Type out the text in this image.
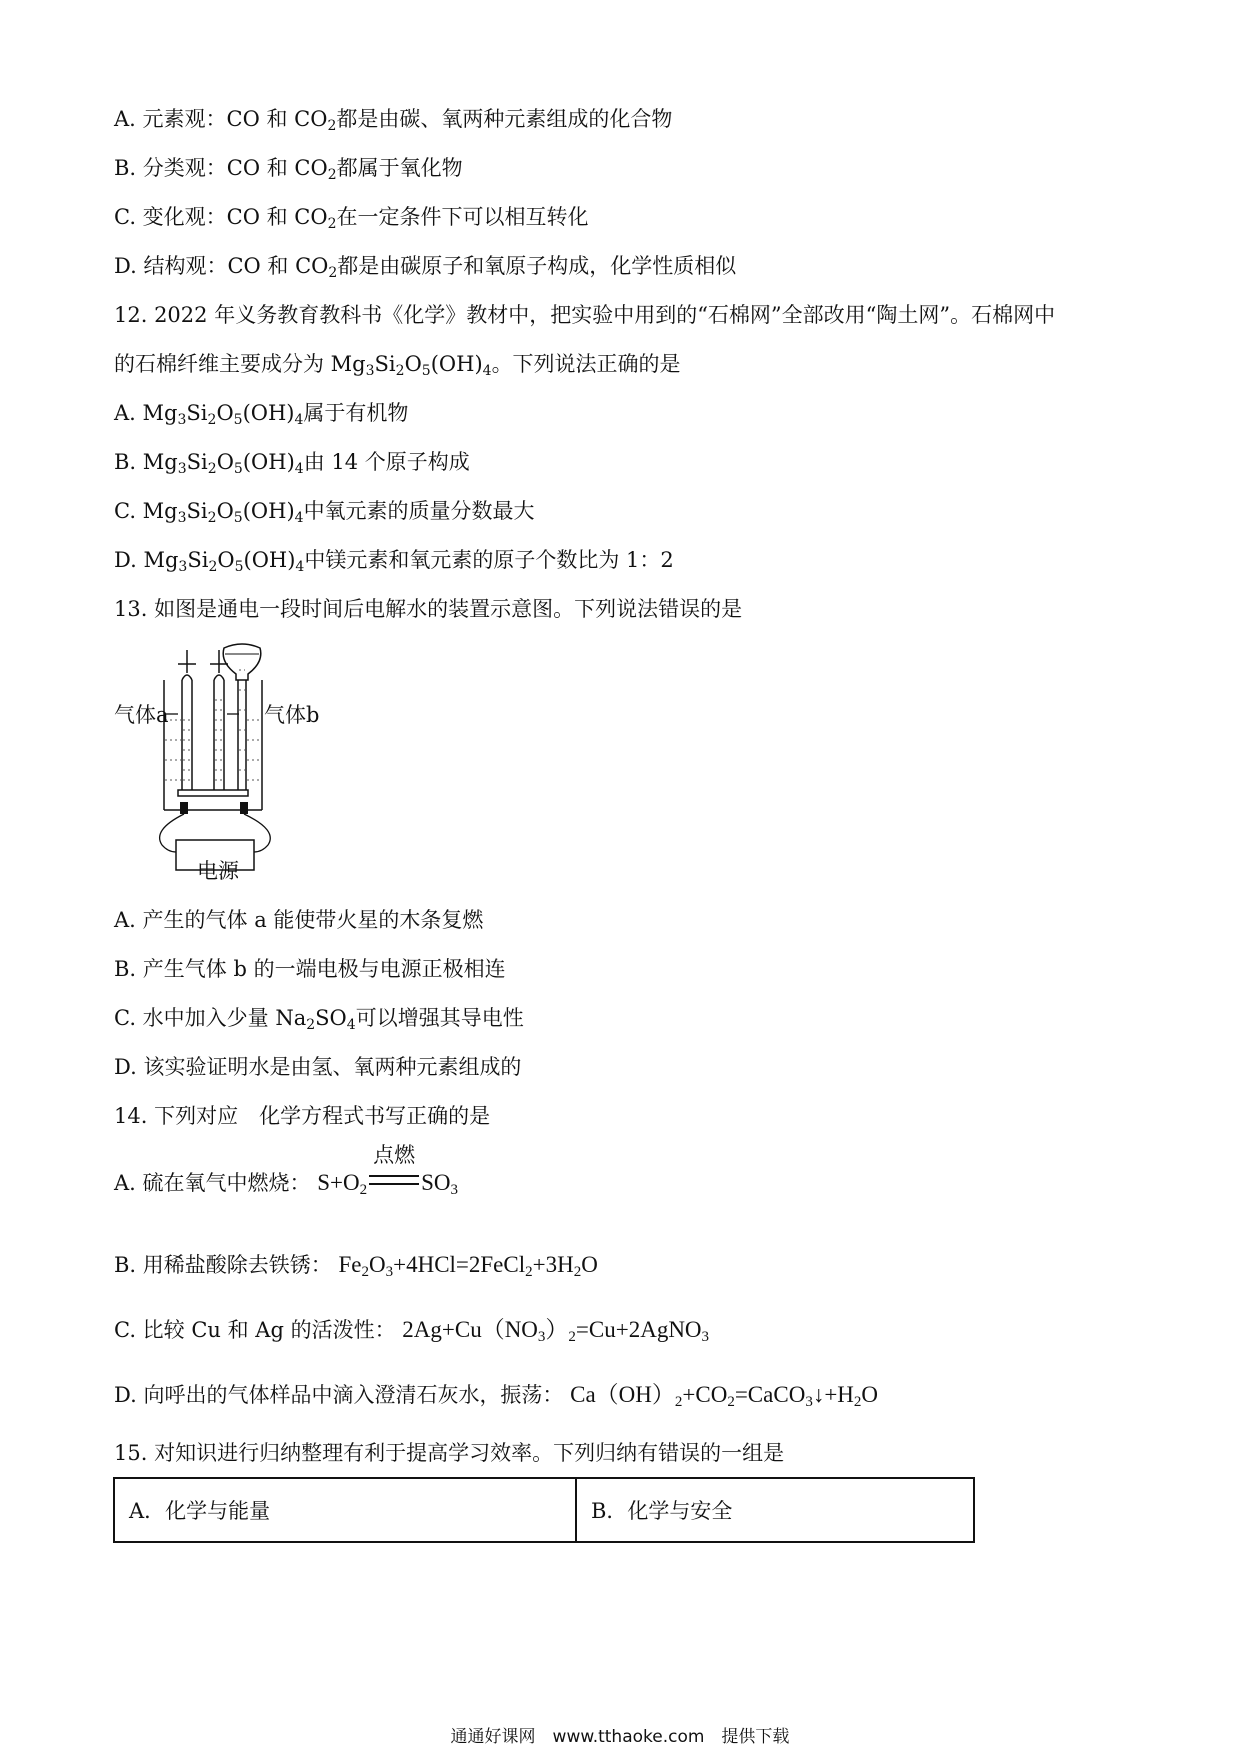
A. 元素观：CO 和 $CO_2$都是由碳、氧两种元素组成的化合物
B. 分类观：CO 和 $CO_2$都属于氧化物
C. 变化观：CO 和 $CO_2$在一定条件下可以相互转化
D. 结构观：CO 和 $CO_2$都是由碳原子和氧原子构成，化学性质相似
12. 2022 年义务教育教科书《化学》教材中，把实验中用到的“石棉网”全部改用“陶土网”。石棉网中
的石棉纤维主要成分为 $Mg_3Si_2O_5(OH)_4$。下列说法正确的是
A. $Mg_3Si_2O_5(OH)_4$属于有机物
B. $Mg_3Si_2O_5(OH)_4$由 14 个原子构成
C. $Mg_3Si_2O_5(OH)_4$中氧元素的质量分数最大
D. $Mg_3Si_2O_5(OH)_4$中镁元素和氧元素的原子个数比为 1：2
13. 如图是通电一段时间后电解水的装置示意图。下列说法错误的是
气体a	气体b
电源
A. 产生的气体 a 能使带火星的木条复燃
B. 产生气体 b 的一端电极与电源正极相连
C. 水中加入少量 $Na_2SO_4$可以增强其导电性
D. 该实验证明水是由氢、氧两种元素组成的
14. 下列对应　化学方程式书写正确的是
A. 硫在氧气中燃烧： $S+O_2$
点燃
$SO_3$
B. 用稀盐酸除去铁锈： $Fe_2O_3+4HCl=2FeCl_2+3H_2O$
C. 比较 Cu 和 Ag 的活泼性： $2Ag+Cu(NO_3)_2=Cu+2AgNO_3$
D. 向呼出的气体样品中滴入澄清石灰水，振荡： $Ca(OH)_2+CO_2=CaCO_3↓+H_2O$
15. 对知识进行归纳整理有利于提高学习效率。下列归纳有错误的一组是
A．化学与能量	B．化学与安全
通通好课网　www.tthaoke.com　提供下载
